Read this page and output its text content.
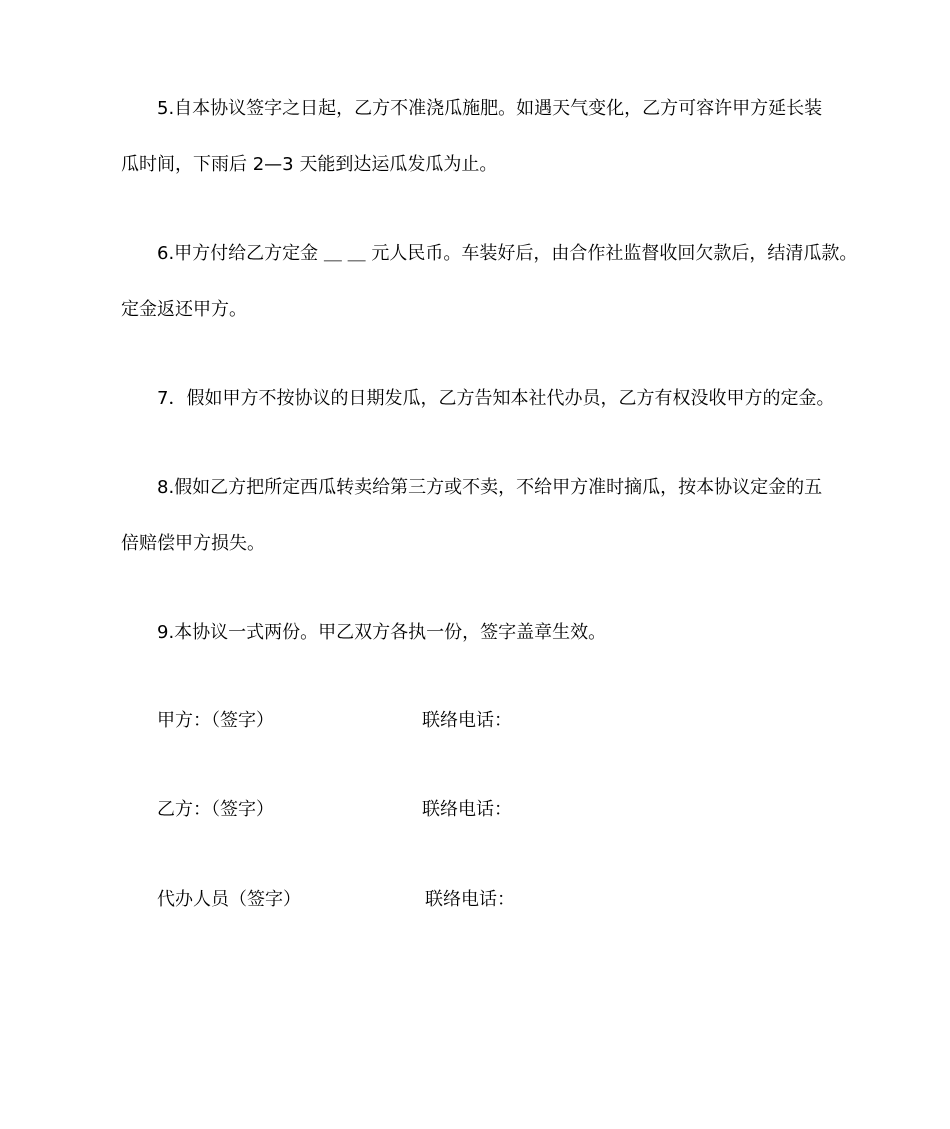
5.自本协议签字之日起，乙方不准浇瓜施肥。如遇天气变化，乙方可容许甲方延长装
瓜时间，下雨后 2—3 天能到达运瓜发瓜为止。
6.甲方付给乙方定金 ＿ ＿ 元人民币。车装好后，由合作社监督收回欠款后，结清瓜款。
定金返还甲方。
7．假如甲方不按协议的日期发瓜，乙方告知本社代办员，乙方有权没收甲方的定金。
8.假如乙方把所定西瓜转卖给第三方或不卖，不给甲方准时摘瓜，按本协议定金的五
倍赔偿甲方损失。
9.本协议一式两份。甲乙双方各执一份，签字盖章生效。
甲方：（签字）	联络电话：
乙方：（签字）	联络电话：
代办人员（签字）	联络电话：
